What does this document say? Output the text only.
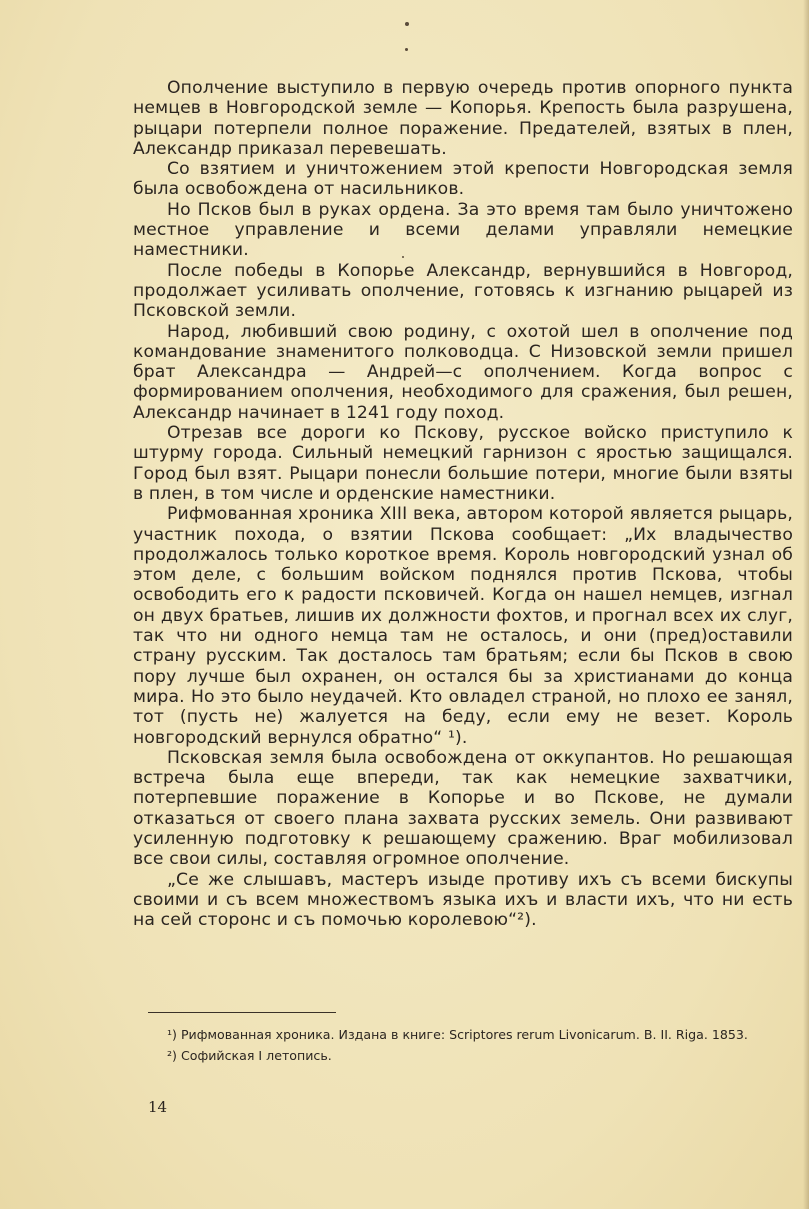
Ополчение выступило в первую очередь против опорного пункта немцев в Новгородской земле — Копорья. Крепость была разрушена, рыцари потерпели полное поражение. Предателей, взятых в плен, Александр приказал перевешать.

Со взятием и уничтожением этой крепости Новгородская земля была освобождена от насильников.

Но Псков был в руках ордена. За это время там было уничтожено местное управление и всеми делами управляли немецкие наместники.

После победы в Копорье Александр, вернувшийся в Новгород, продолжает усиливать ополчение, готовясь к изгнанию рыцарей из Псковской земли.

Народ, любивший свою родину, с охотой шел в ополчение под командование знаменитого полководца. С Низовской земли пришел брат Александра — Андрей—с ополчением. Когда вопрос с формированием ополчения, необходимого для сражения, был решен, Александр начинает в 1241 году поход.

Отрезав все дороги ко Пскову, русское войско приступило к штурму города. Сильный немецкий гарнизон с яростью защищался. Город был взят. Рыцари понесли большие потери, многие были взяты в плен, в том числе и орденские наместники.

Рифмованная хроника XIII века, автором которой является рыцарь, участник похода, о взятии Пскова сообщает: „Их владычество продолжалось только короткое время. Король новгородский узнал об этом деле, с большим войском поднялся против Пскова, чтобы освободить его к радости псковичей. Когда он нашел немцев, изгнал он двух братьев, лишив их должности фохтов, и прогнал всех их слуг, так что ни одного немца там не осталось, и они (пред)оставили страну русским. Так досталось там братьям; если бы Псков в свою пору лучше был охранен, он остался бы за христианами до конца мира. Но это было неудачей. Кто овладел страной, но плохо ее занял, тот (пусть не) жалуется на беду, если ему не везет. Король новгородский вернулся обратно“ ¹).

Псковская земля была освобождена от оккупантов. Но решающая встреча была еще впереди, так как немецкие захватчики, потерпевшие поражение в Копорье и во Пскове, не думали отказаться от своего плана захвата русских земель. Они развивают усиленную подготовку к решающему сражению. Враг мобилизовал все свои силы, составляя огромное ополчение.

„Се же слышавъ, мастеръ изыде противу ихъ съ всеми бискупы своими и съ всем множествомъ языка ихъ и власти ихъ, что ни есть на сей сторонс и съ помочью королевою“²).

¹) Рифмованная хроника. Издана в книге: Scriptores rerum Livonicarum. B. II. Riga. 1853.

²) Софийская I летопись.

14
